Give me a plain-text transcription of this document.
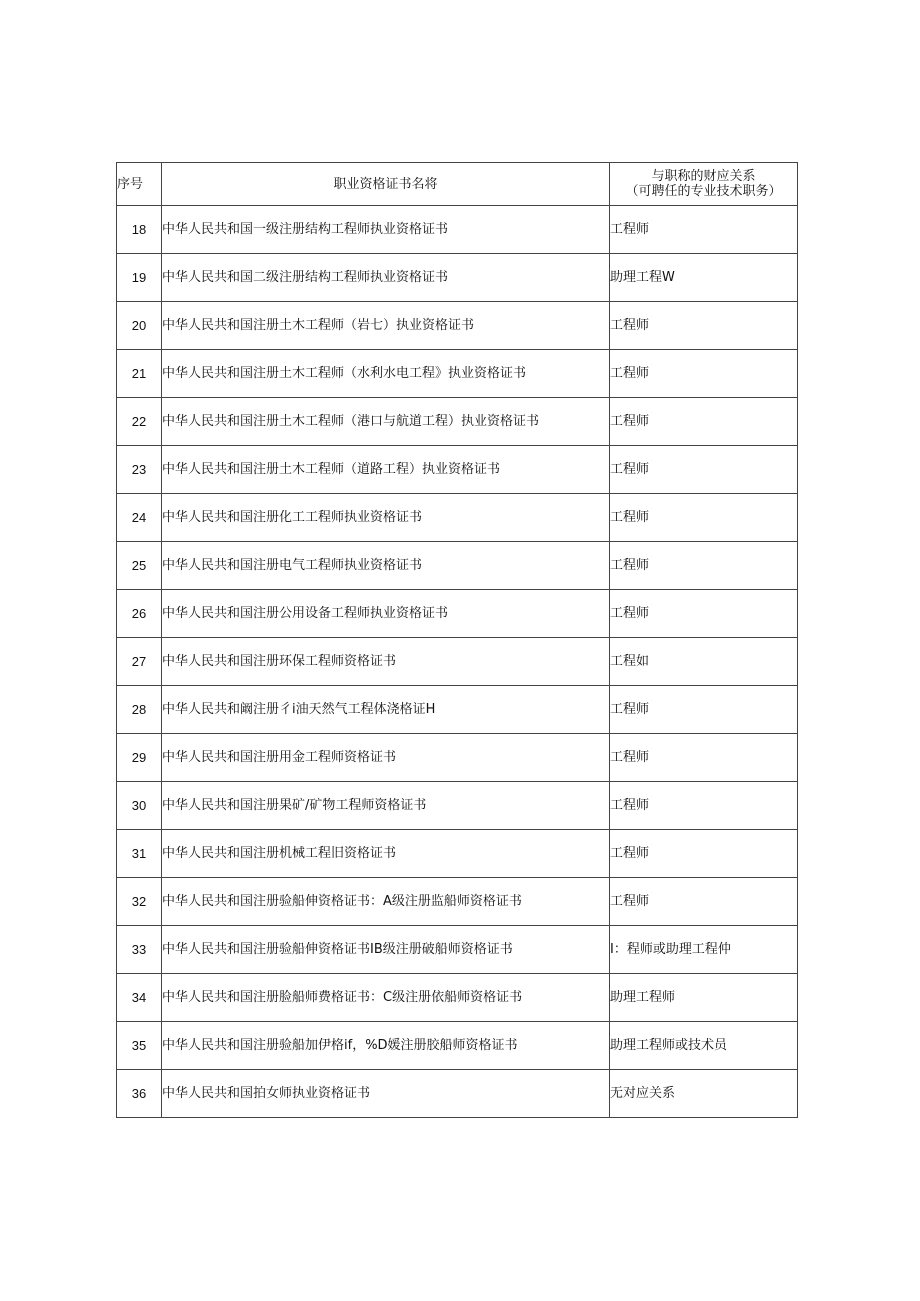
序号	职业资格证书名将	与职称的财应关系
（可聘任的专业技术职务）

18	中华人民共和国一级注册结构工程师执业资格证书	工程师
19	中华人民共和国二级注册结构工程师执业资格证书	助理工程W
20	中华人民共和国注册土木工程师（岩七）执业资格证书	工程师
21	中华人民共和国注册土木工程师（水利水电工程》执业资格证书	工程师
22	中华人民共和国注册土木工程师（港口与航道工程）执业资格证书	工程师
23	中华人民共和国注册土木工程师（道路工程）执业资格证书	工程师
24	中华人民共和国注册化工工程师执业资格证书	工程师
25	中华人民共和国注册电气工程师执业资格证书	工程师
26	中华人民共和国注册公用设备工程师执业资格证书	工程师
27	中华人民共和国注册环保工程师资格证书	工程如
28	中华人民共和阚注册彳i油天然气工程体浇格证H	工程师
29	中华人民共和国注册用金工程师资格证书	工程师
30	中华人民共和国注册果矿/矿物工程师资格证书	工程师
31	中华人民共和国注册机械工程旧资格证书	工程师
32	中华人民共和国注册验船伸资格证书：A级注册监船师资格证书	工程师
33	中华人民共和国注册验船伸资格证书IB级注册破船师资格证书	I：程师或助理工程仲
34	中华人民共和国注册脸船师费格证书：C级注册依船师资格证书	助理工程师
35	中华人民共和国注册验船加伊格if，%D媛注册胶船师资格证书	助理工程师或技术员
36	中华人民共和国拍女师执业资格证书	无对应关系
